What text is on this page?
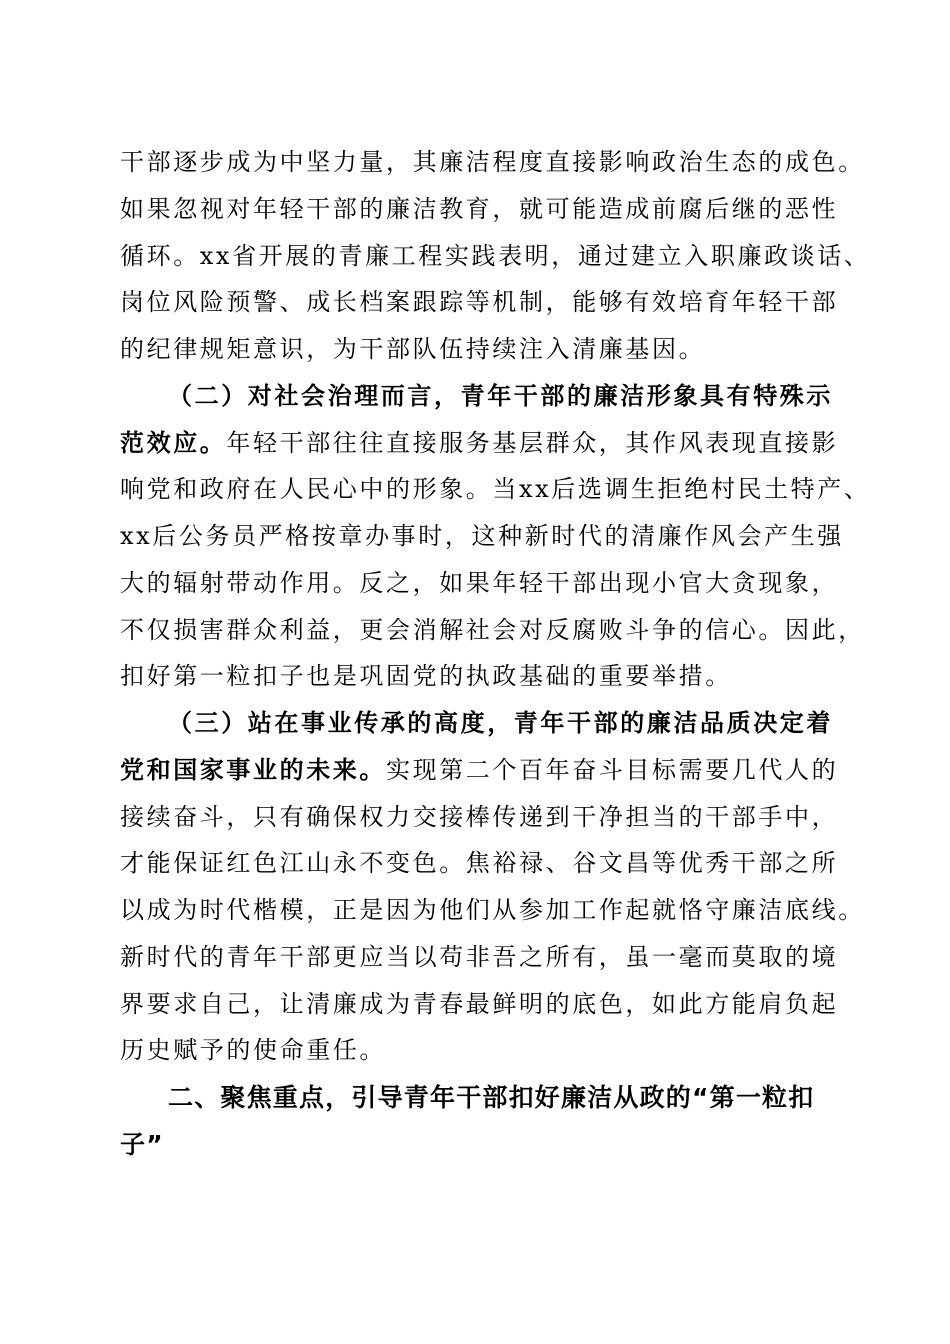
干部逐步成为中坚力量，其廉洁程度直接影响政治生态的成色。

如果忽视对年轻干部的廉洁教育，就可能造成前腐后继的恶性

循环。xx省开展的青廉工程实践表明，通过建立入职廉政谈话、

岗位风险预警、成长档案跟踪等机制，能够有效培育年轻干部

的纪律规矩意识，为干部队伍持续注入清廉基因。

（二）对社会治理而言，青年干部的廉洁形象具有特殊示

范效应。年轻干部往往直接服务基层群众，其作风表现直接影

响党和政府在人民心中的形象。当xx后选调生拒绝村民土特产、

xx后公务员严格按章办事时，这种新时代的清廉作风会产生强

大的辐射带动作用。反之，如果年轻干部出现小官大贪现象，

不仅损害群众利益，更会消解社会对反腐败斗争的信心。因此，

扣好第一粒扣子也是巩固党的执政基础的重要举措。

（三）站在事业传承的高度，青年干部的廉洁品质决定着

党和国家事业的未来。实现第二个百年奋斗目标需要几代人的

接续奋斗，只有确保权力交接棒传递到干净担当的干部手中，

才能保证红色江山永不变色。焦裕禄、谷文昌等优秀干部之所

以成为时代楷模，正是因为他们从参加工作起就恪守廉洁底线。

新时代的青年干部更应当以苟非吾之所有，虽一毫而莫取的境

界要求自己，让清廉成为青春最鲜明的底色，如此方能肩负起

历史赋予的使命重任。

二、聚焦重点，引导青年干部扣好廉洁从政的“第一粒扣

子”
